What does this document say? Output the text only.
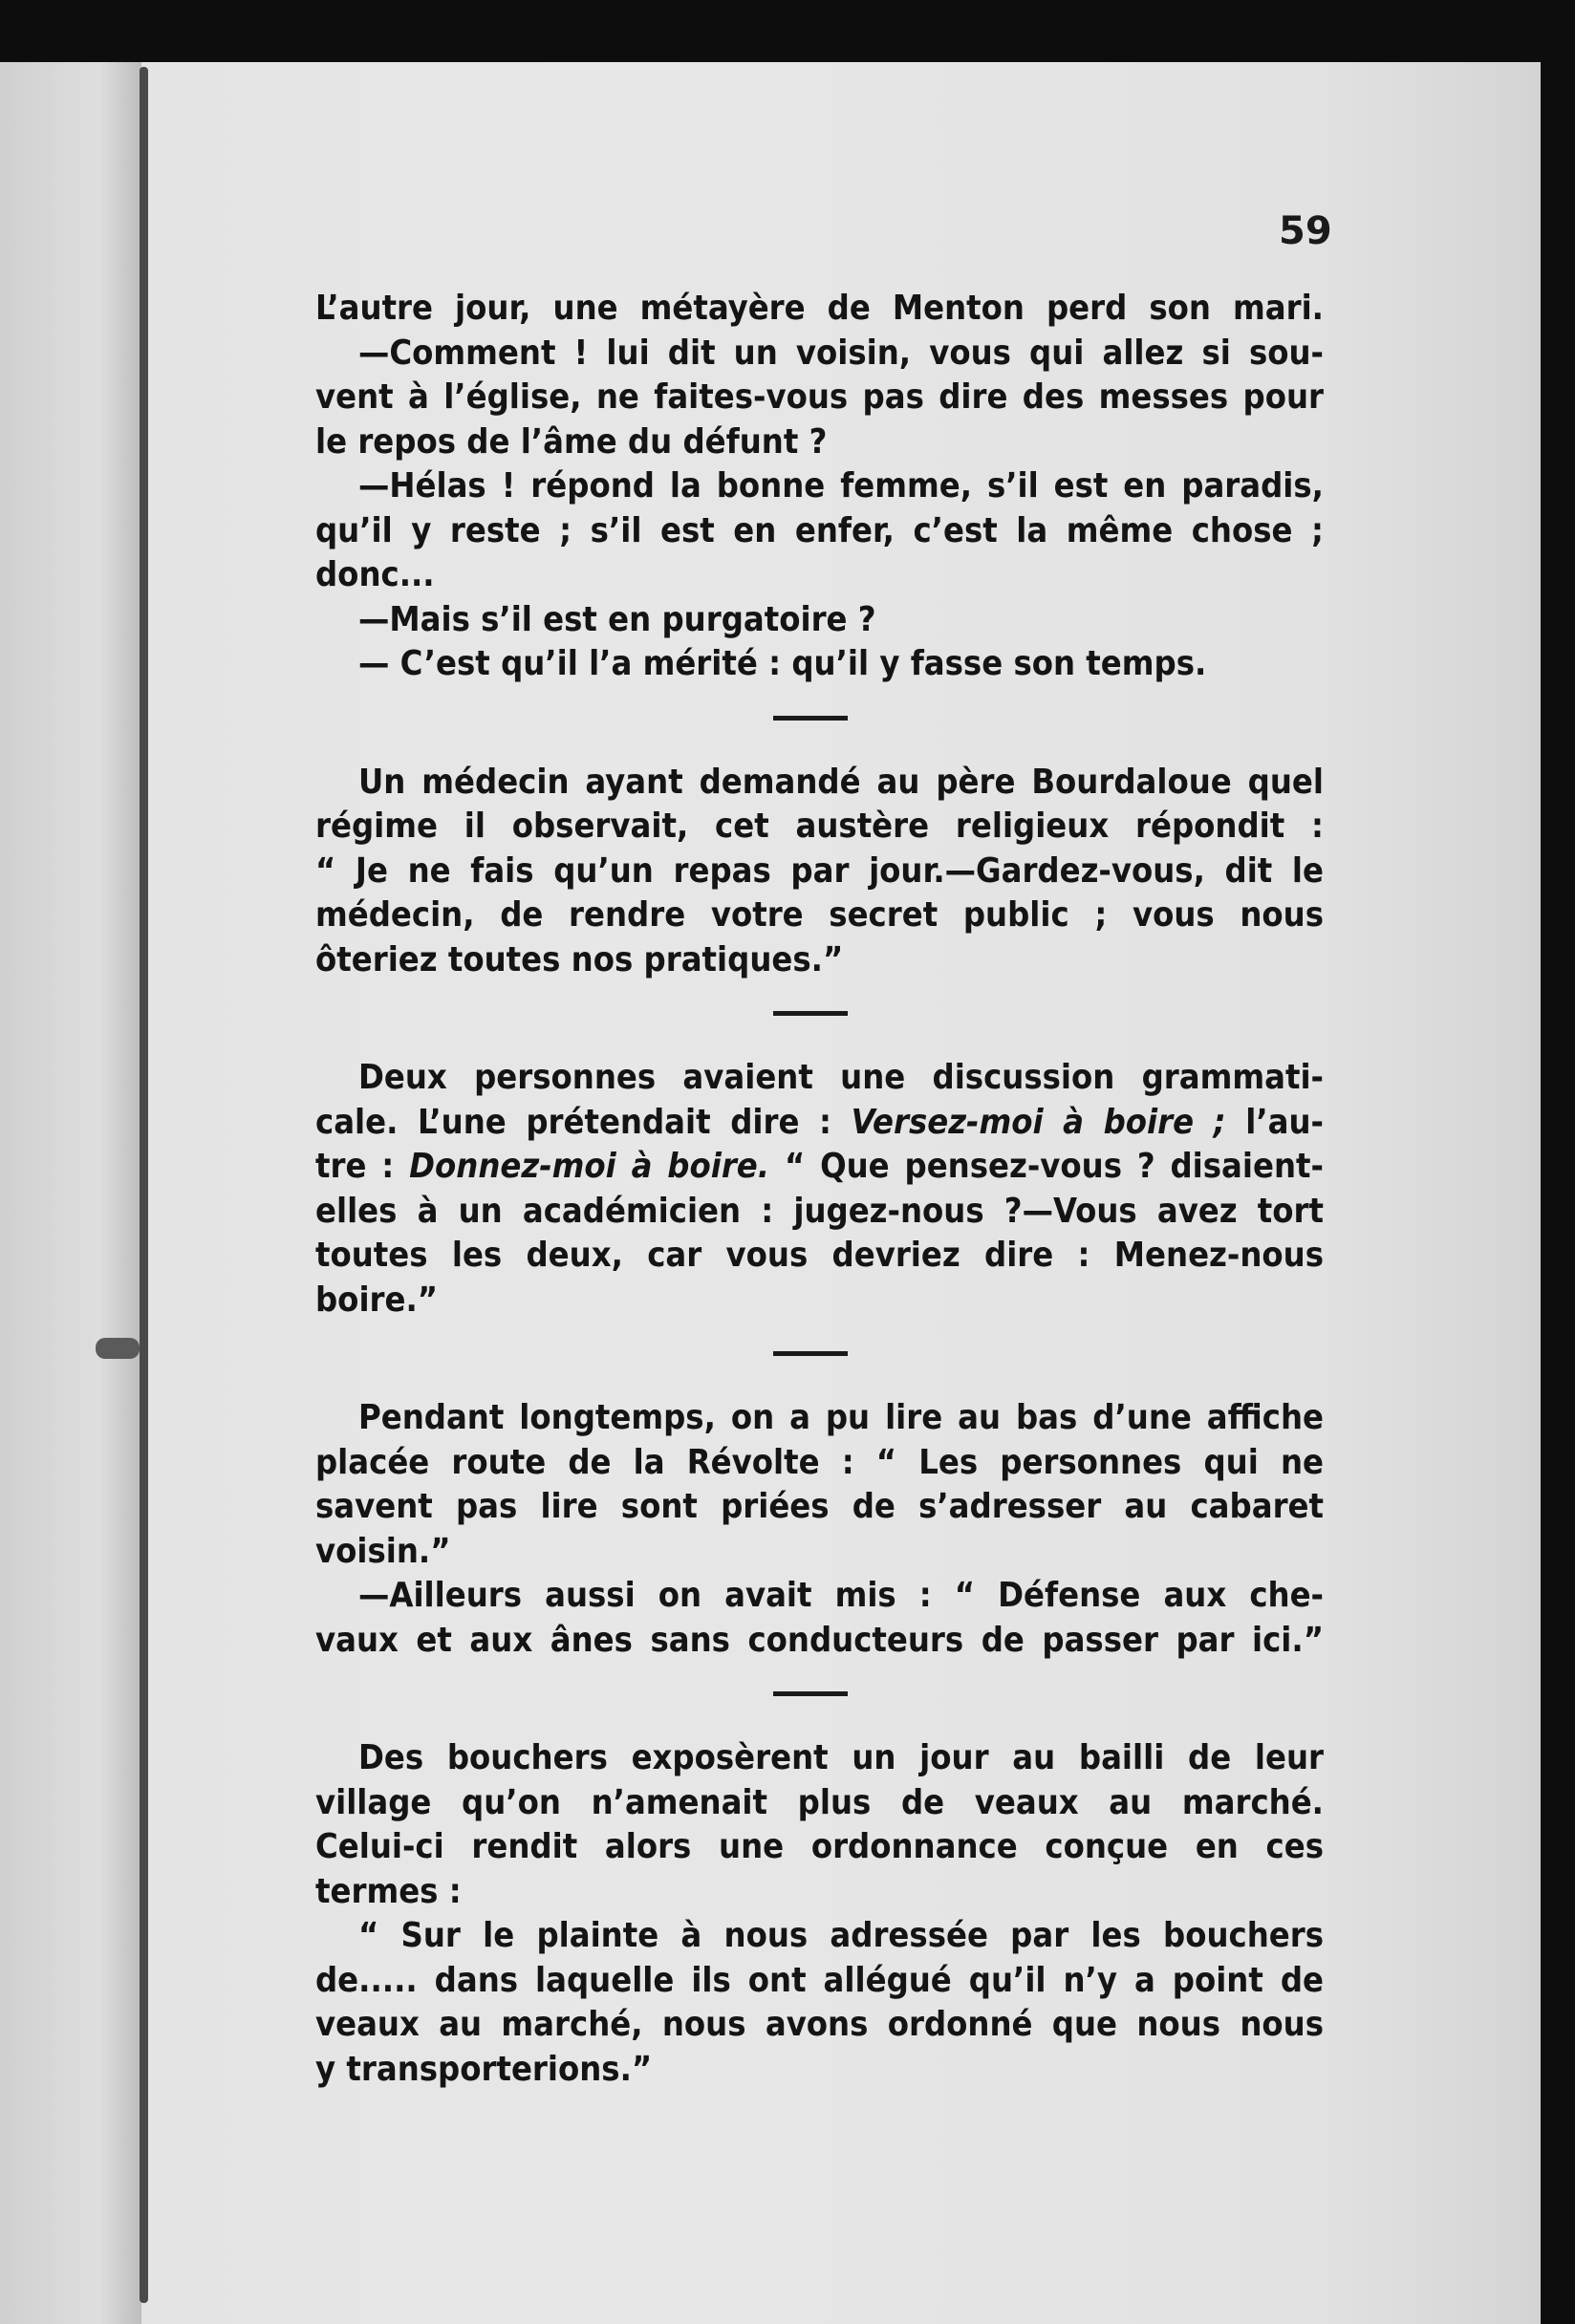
59
L’autre jour, une métayère de Menton perd son mari.
—Comment ! lui dit un voisin, vous qui allez si sou-
vent à l’église, ne faites-vous pas dire des messes pour
le repos de l’âme du défunt ?
—Hélas ! répond la bonne femme, s’il est en paradis,
qu’il y reste ; s’il est en enfer, c’est la même chose ;
donc...
—Mais s’il est en purgatoire ?
— C’est qu’il l’a mérité : qu’il y fasse son temps.
Un médecin ayant demandé au père Bourdaloue quel
régime il observait, cet austère religieux répondit :
“ Je ne fais qu’un repas par jour.—Gardez-vous, dit le
médecin, de rendre votre secret public ; vous nous
ôteriez toutes nos pratiques.”
Deux personnes avaient une discussion grammati-
cale. L’une prétendait dire : Versez-moi à boire ; l’au-
tre : Donnez-moi à boire. “ Que pensez-vous ? disaient-
elles à un académicien : jugez-nous ?—Vous avez tort
toutes les deux, car vous devriez dire : Menez-nous
boire.”
Pendant longtemps, on a pu lire au bas d’une affiche
placée route de la Révolte : “ Les personnes qui ne
savent pas lire sont priées de s’adresser au cabaret
voisin.”
—Ailleurs aussi on avait mis : “ Défense aux che-
vaux et aux ânes sans conducteurs de passer par ici.”
Des bouchers exposèrent un jour au bailli de leur
village qu’on n’amenait plus de veaux au marché.
Celui-ci rendit alors une ordonnance conçue en ces
termes :
“ Sur le plainte à nous adressée par les bouchers
de..... dans laquelle ils ont allégué qu’il n’y a point de
veaux au marché, nous avons ordonné que nous nous
y transporterions.”
